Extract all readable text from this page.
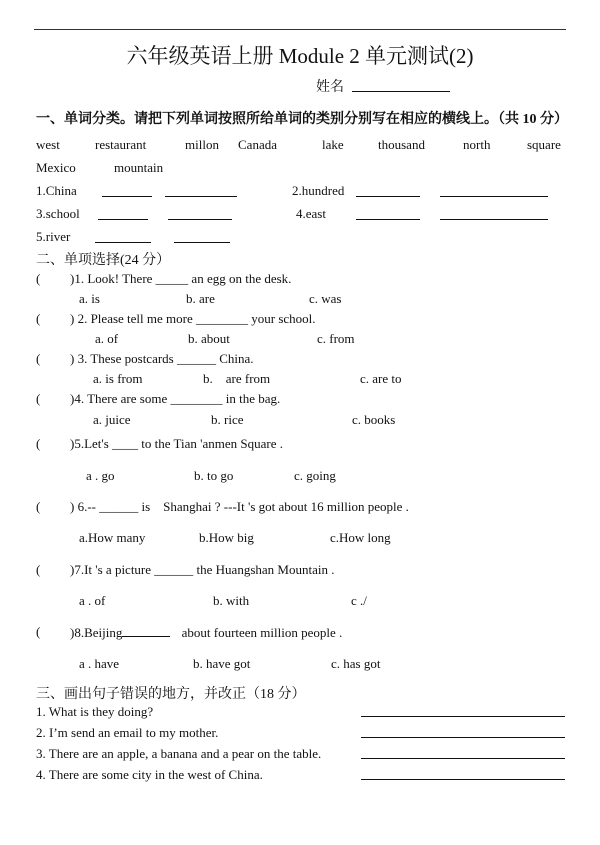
六年级英语上册 Module 2 单元测试(2)
姓名
一、单词分类。请把下列单词按照所给单词的类别分别写在相应的横线上。（共 10 分）
west	restaurant	millon Canada	lake	thousand	north	square
Mexico	mountain
1.China	2.hundred
3.school	4.east
5.river
二、单项选择(24 分）
( )1. Look! There _____ an egg on the desk.
a. is	b. are	c. was
( ) 2. Please tell me more ________ your school.
a. of	b. about	c. from
( ) 3. These postcards ______ China.
a. is from	b.    are from	c. are to
( )4. There are some ________ in the bag.
a. juice	b. rice	c. books
( )5.Let's ____ to the Tian 'anmen Square .
a . go	b. to go	c. going
( ) 6.-- ______ is    Shanghai ? ---It 's got about 16 million people .
a.How many	b.How big	c.How long
( )7.It 's a picture ______ the Huangshan Mountain .
a . of	b. with	c ./
( )8.Beijing	about fourteen million people .
a . have	b. have got	c. has got
三、画出句子错误的地方，并改正（18 分）
1. What is they doing?
2. I’m send an email to my mother.
3. There are an apple, a banana and a pear on the table.
4. There are some city in the west of China.
